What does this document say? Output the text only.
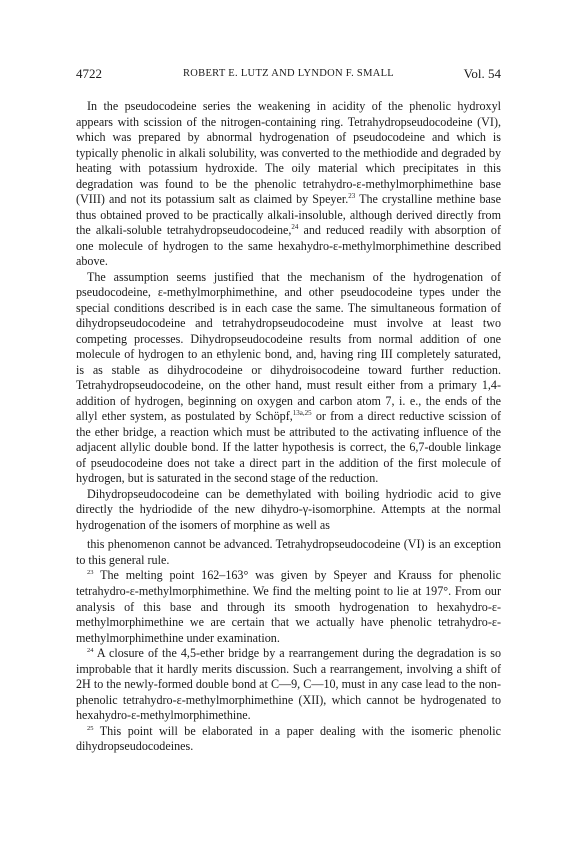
4722	ROBERT E. LUTZ AND LYNDON F. SMALL	Vol. 54

In the pseudocodeine series the weakening in acidity of the phenolic hydroxyl appears with scission of the nitrogen-containing ring. Tetrahydropseudocodeine (VI), which was prepared by abnormal hydrogenation of pseudocodeine and which is typically phenolic in alkali solubility, was converted to the methiodide and degraded by heating with potassium hydroxide. The oily material which precipitates in this degradation was found to be the phenolic tetrahydro-ε-methylmorphimethine base (VIII) and not its potassium salt as claimed by Speyer.$^{23}$ The crystalline methine base thus obtained proved to be practically alkali-insoluble, although derived directly from the alkali-soluble tetrahydropseudocodeine,$^{24}$ and reduced readily with absorption of one molecule of hydrogen to the same hexahydro-ε-methylmorphimethine described above.

The assumption seems justified that the mechanism of the hydrogenation of pseudocodeine, ε-methylmorphimethine, and other pseudocodeine types under the special conditions described is in each case the same. The simultaneous formation of dihydropseudocodeine and tetrahydropseudocodeine must involve at least two competing processes. Dihydropseudocodeine results from normal addition of one molecule of hydrogen to an ethylenic bond, and, having ring III completely saturated, is as stable as dihydrocodeine or dihydroisocodeine toward further reduction. Tetrahydropseudocodeine, on the other hand, must result either from a primary 1,4-addition of hydrogen, beginning on oxygen and carbon atom 7, i. e., the ends of the allyl ether system, as postulated by Schöpf,$^{13a,25}$ or from a direct reductive scission of the ether bridge, a reaction which must be attributed to the activating influence of the adjacent allylic double bond. If the latter hypothesis is correct, the 6,7-double linkage of pseudocodeine does not take a direct part in the addition of the first molecule of hydrogen, but is saturated in the second stage of the reduction.

Dihydropseudocodeine can be demethylated with boiling hydriodic acid to give directly the hydriodide of the new dihydro-γ-isomorphine. Attempts at the normal hydrogenation of the isomers of morphine as well as

this phenomenon cannot be advanced. Tetrahydropseudocodeine (VI) is an exception to this general rule.

$^{23}$ The melting point 162–163° was given by Speyer and Krauss for phenolic tetrahydro-ε-methylmorphimethine. We find the melting point to lie at 197°. From our analysis of this base and through its smooth hydrogenation to hexahydro-ε-methylmorphimethine we are certain that we actually have phenolic tetrahydro-ε-methylmorphimethine under examination.

$^{24}$ A closure of the 4,5-ether bridge by a rearrangement during the degradation is so improbable that it hardly merits discussion. Such a rearrangement, involving a shift of 2H to the newly-formed double bond at C—9, C—10, must in any case lead to the non-phenolic tetrahydro-ε-methylmorphimethine (XII), which cannot be hydrogenated to hexahydro-ε-methylmorphimethine.

$^{25}$ This point will be elaborated in a paper dealing with the isomeric phenolic dihydropseudocodeines.
